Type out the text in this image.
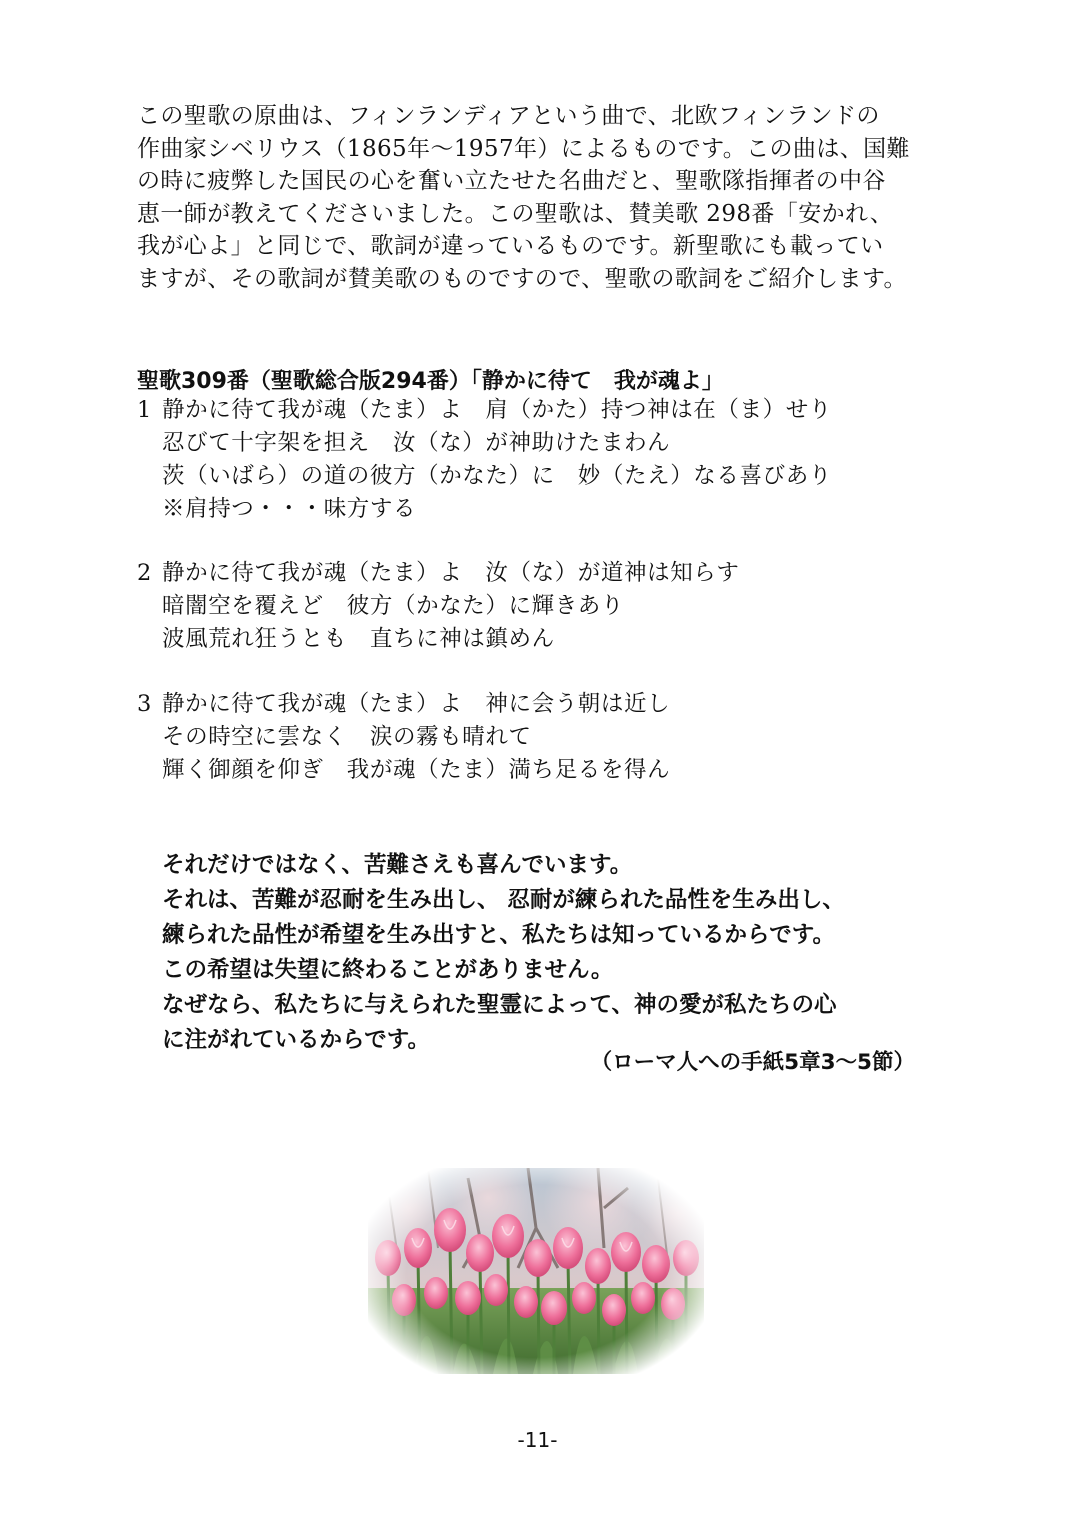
この聖歌の原曲は、フィンランディアという曲で、北欧フィンランドの
作曲家シベリウス（1865年～1957年）によるものです。この曲は、国難
の時に疲弊した国民の心を奮い立たせた名曲だと、聖歌隊指揮者の中谷
恵一師が教えてくださいました。この聖歌は、賛美歌 298番「安かれ、
我が心よ」と同じで、歌詞が違っているものです。新聖歌にも載ってい
ますが、その歌詞が賛美歌のものですので、聖歌の歌詞をご紹介します。
聖歌309番（聖歌総合版294番）「静かに待て　我が魂よ」
1 静かに待て我が魂（たま）よ　肩（かた）持つ神は在（ま）せり
忍びて十字架を担え　汝（な）が神助けたまわん
茨（いばら）の道の彼方（かなた）に　妙（たえ）なる喜びあり
※肩持つ・・・味方する
2 静かに待て我が魂（たま）よ　汝（な）が道神は知らす
暗闇空を覆えど　彼方（かなた）に輝きあり
波風荒れ狂うとも　直ちに神は鎮めん
3 静かに待て我が魂（たま）よ　神に会う朝は近し
その時空に雲なく　涙の霧も晴れて
輝く御顔を仰ぎ　我が魂（たま）満ち足るを得ん
それだけではなく、苦難さえも喜んでいます。
それは、苦難が忍耐を生み出し、 忍耐が練られた品性を生み出し、
練られた品性が希望を生み出すと、私たちは知っているからです。
この希望は失望に終わることがありません。
なぜなら、私たちに与えられた聖霊によって、神の愛が私たちの心
に注がれているからです。
（ローマ人への手紙5章3～5節）
-11-
